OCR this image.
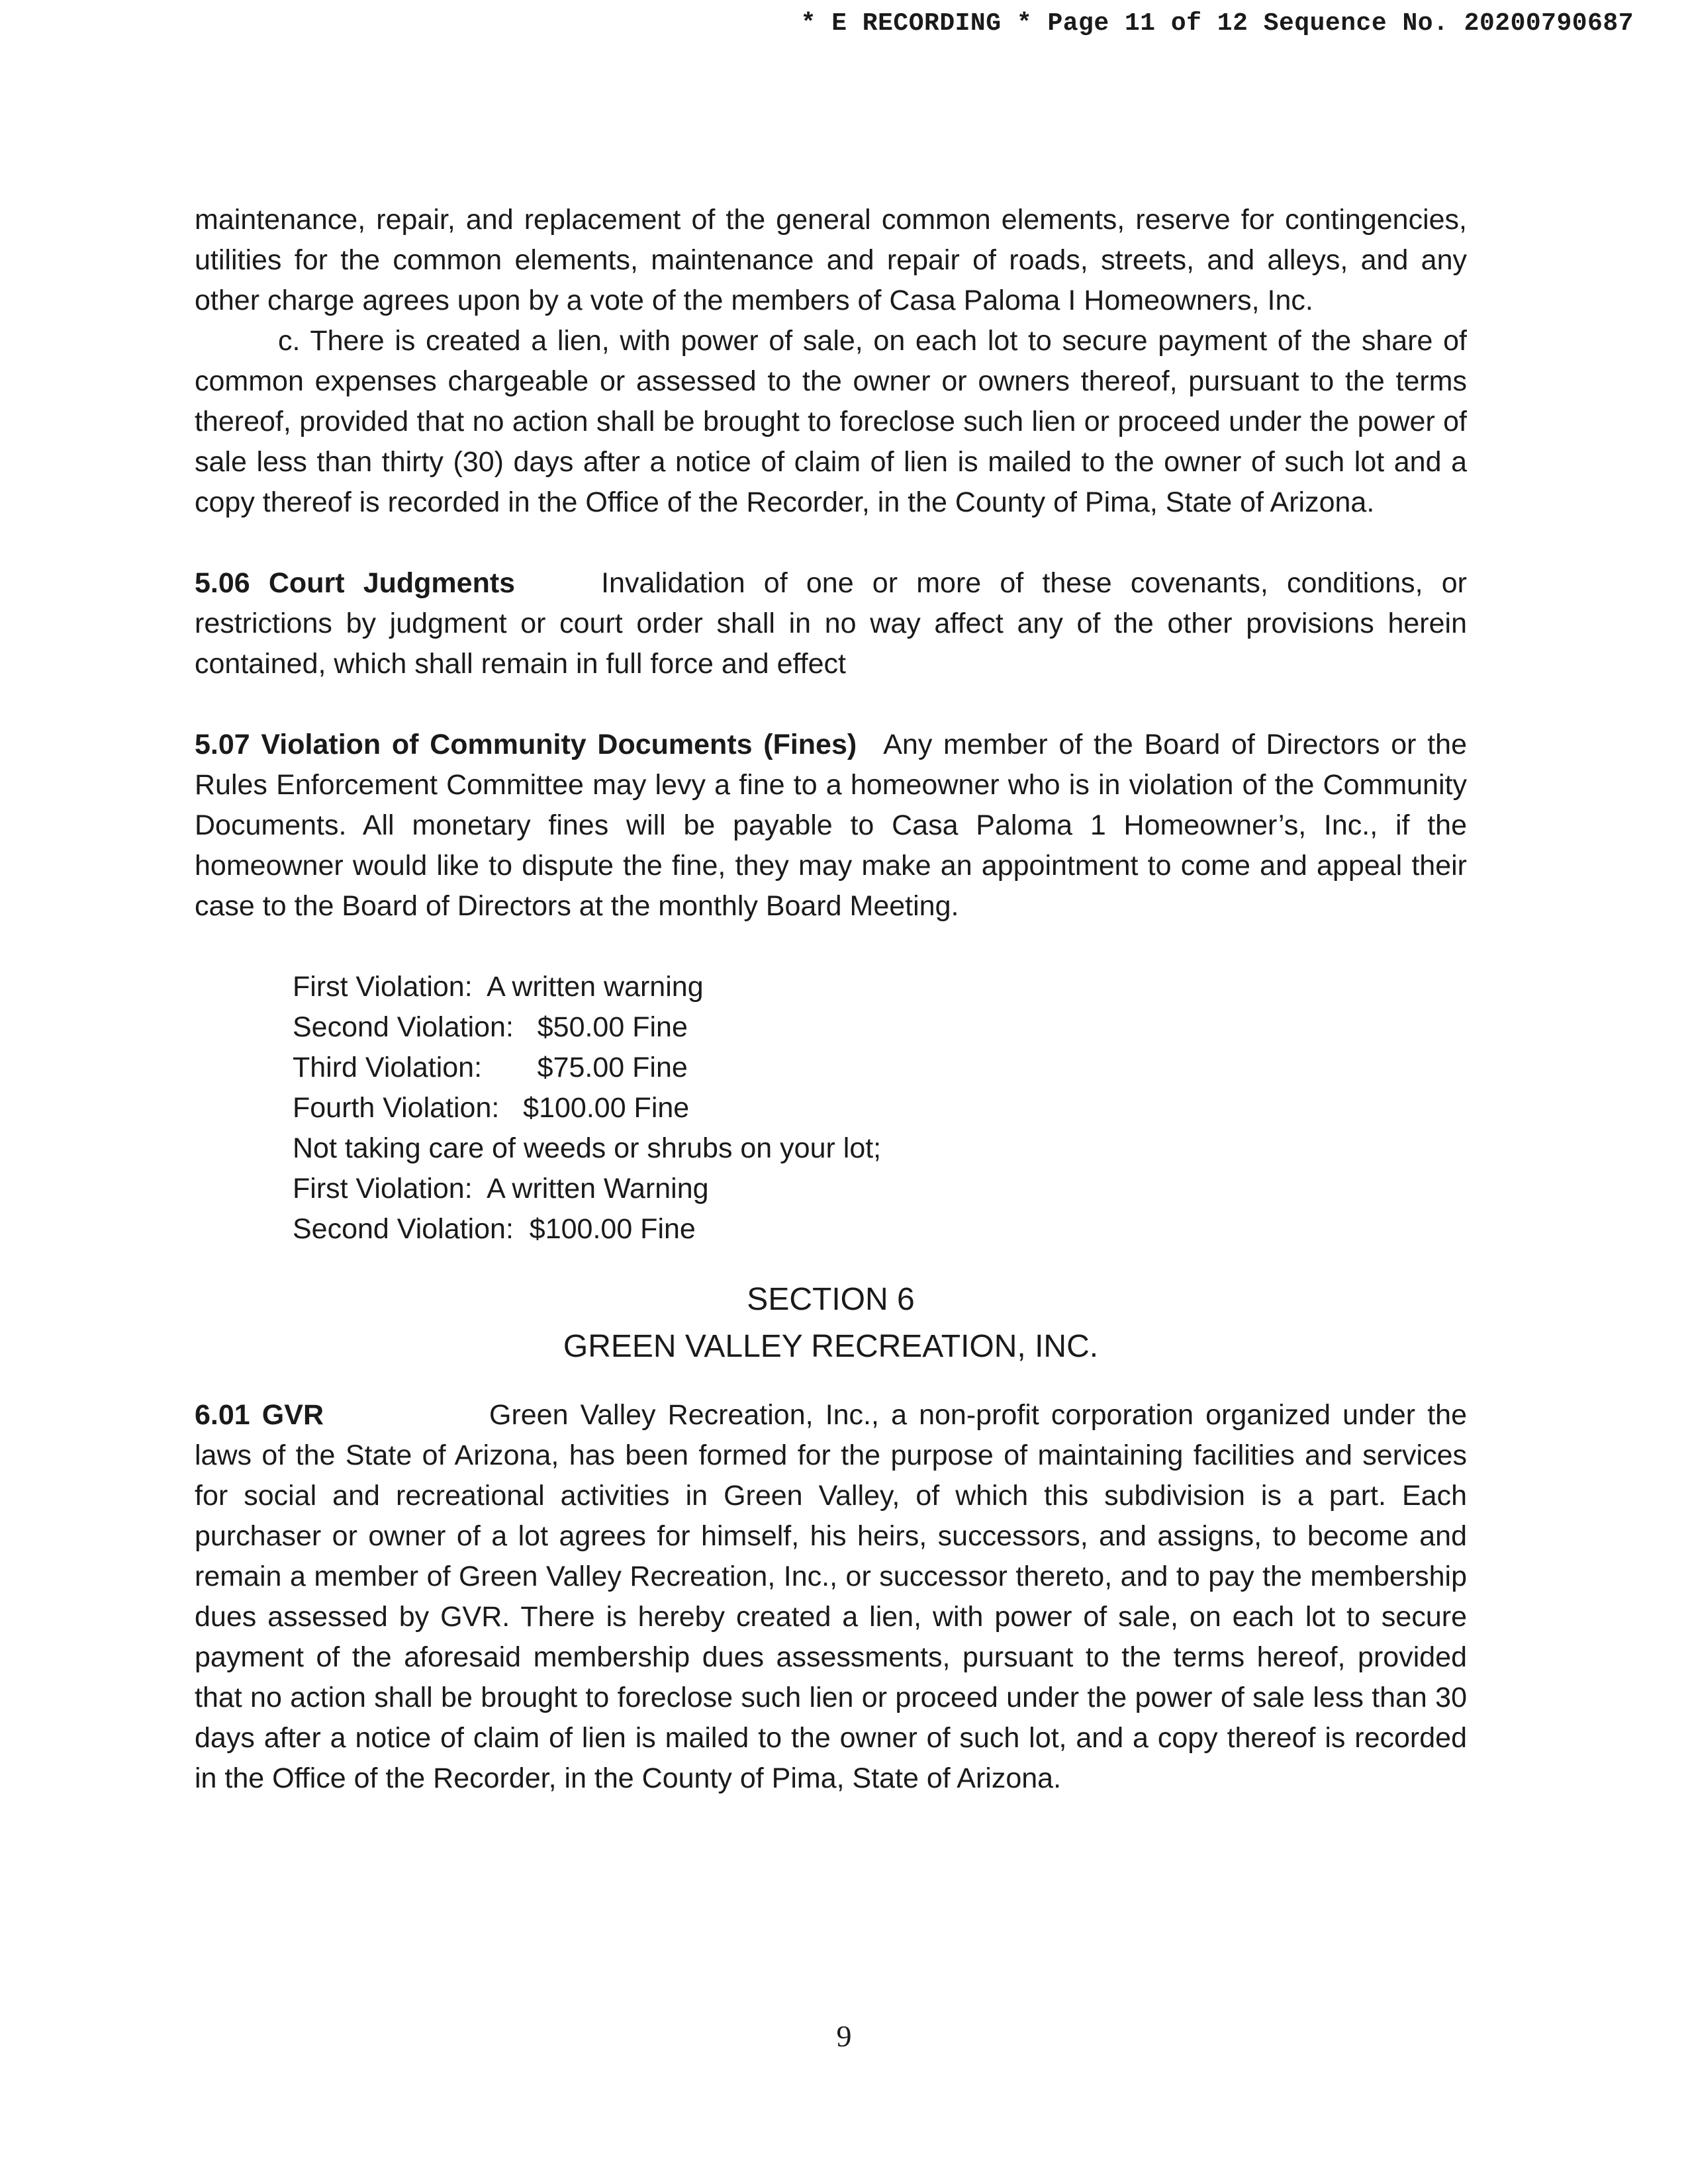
* E RECORDING * Page 11 of 12 Sequence No. 20200790687

maintenance, repair, and replacement of the general common elements, reserve for contingencies, utilities for the common elements, maintenance and repair of roads, streets, and alleys, and any other charge agrees upon by a vote of the members of Casa Paloma I Homeowners, Inc.

c. There is created a lien, with power of sale, on each lot to secure payment of the share of common expenses chargeable or assessed to the owner or owners thereof, pursuant to the terms thereof, provided that no action shall be brought to foreclose such lien or proceed under the power of sale less than thirty (30) days after a notice of claim of lien is mailed to the owner of such lot and a copy thereof is recorded in the Office of the Recorder, in the County of Pima, State of Arizona.

5.06 Court Judgments	Invalidation of one or more of these covenants, conditions, or restrictions by judgment or court order shall in no way affect any of the other provisions herein contained, which shall remain in full force and effect

5.07 Violation of Community Documents (Fines) Any member of the Board of Directors or the Rules Enforcement Committee may levy a fine to a homeowner who is in violation of the Community Documents. All monetary fines will be payable to Casa Paloma 1 Homeowner’s, Inc., if the homeowner would like to dispute the fine, they may make an appointment to come and appeal their case to the Board of Directors at the monthly Board Meeting.

First Violation:  A written warning
Second Violation:   $50.00 Fine
Third Violation:       $75.00 Fine
Fourth Violation:   $100.00 Fine
Not taking care of weeds or shrubs on your lot;
First Violation:  A written Warning
Second Violation:  $100.00 Fine
SECTION 6
GREEN VALLEY RECREATION, INC.

6.01 GVR	Green Valley Recreation, Inc., a non-profit corporation organized under the laws of the State of Arizona, has been formed for the purpose of maintaining facilities and services for social and recreational activities in Green Valley, of which this subdivision is a part. Each purchaser or owner of a lot agrees for himself, his heirs, successors, and assigns, to become and remain a member of Green Valley Recreation, Inc., or successor thereto, and to pay the membership dues assessed by GVR. There is hereby created a lien, with power of sale, on each lot to secure payment of the aforesaid membership dues assessments, pursuant to the terms hereof, provided that no action shall be brought to foreclose such lien or proceed under the power of sale less than 30 days after a notice of claim of lien is mailed to the owner of such lot, and a copy thereof is recorded in the Office of the Recorder, in the County of Pima, State of Arizona.

9
